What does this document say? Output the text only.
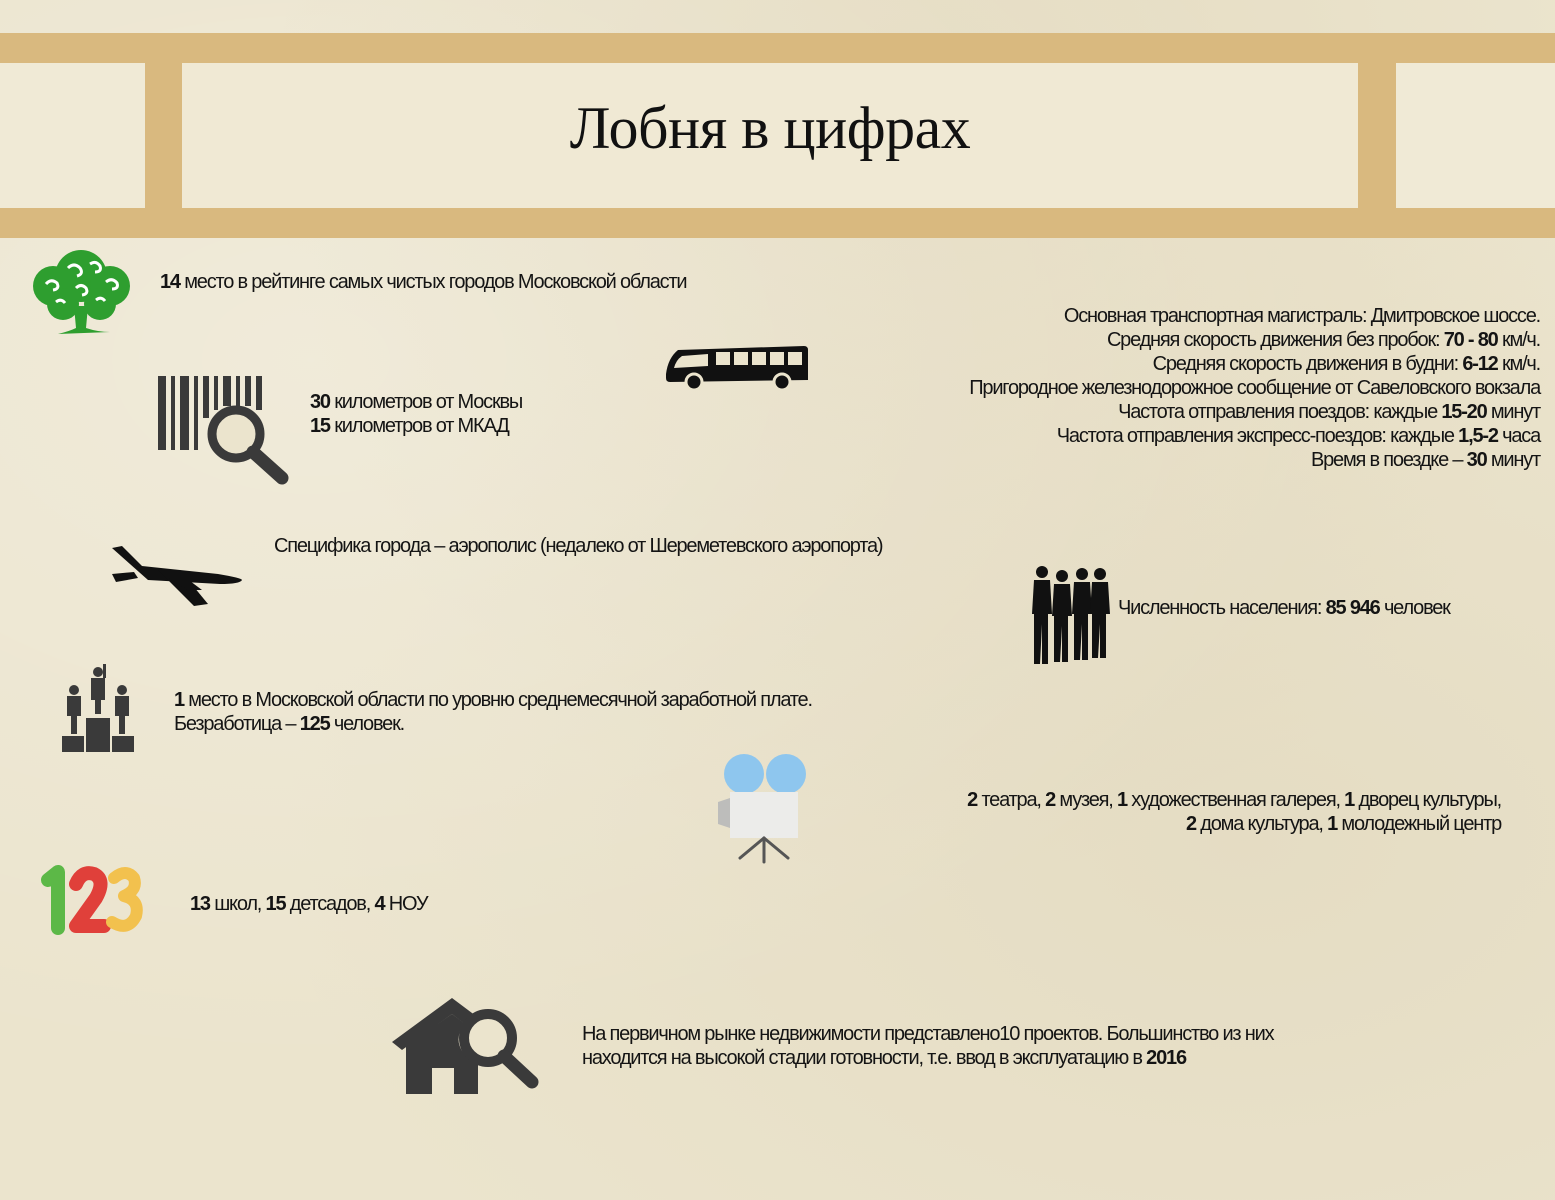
Лобня в цифрах
14 место в рейтинге самых чистых городов Московской области
30 километров от Москвы
15 километров от МКАД
Основная транспортная магистраль: Дмитровское шоссе.
Средняя скорость движения без пробок: 70 - 80 км/ч.
Средняя скорость движения в будни: 6-12 км/ч.
Пригородное железнодорожное сообщение от Савеловского вокзала
Частота отправления поездов: каждые 15-20 минут
Частота отправления экспресс-поездов: каждые 1,5-2 часа
Время в поездке – 30 минут
Специфика города – аэрополис (недалеко от Шереметевского аэропорта)
Численность населения: 85 946 человек
1 место в Московской области по уровню среднемесячной заработной плате.
Безработица – 125 человек.
2 театра, 2 музея, 1 художественная галерея, 1 дворец культуры,
2 дома культура, 1 молодежный центр
13 школ, 15 детсадов, 4 НОУ
На первичном рынке недвижимости представлено10 проектов. Большинство из них
находится на высокой стадии готовности, т.е. ввод в эксплуатацию в 2016
